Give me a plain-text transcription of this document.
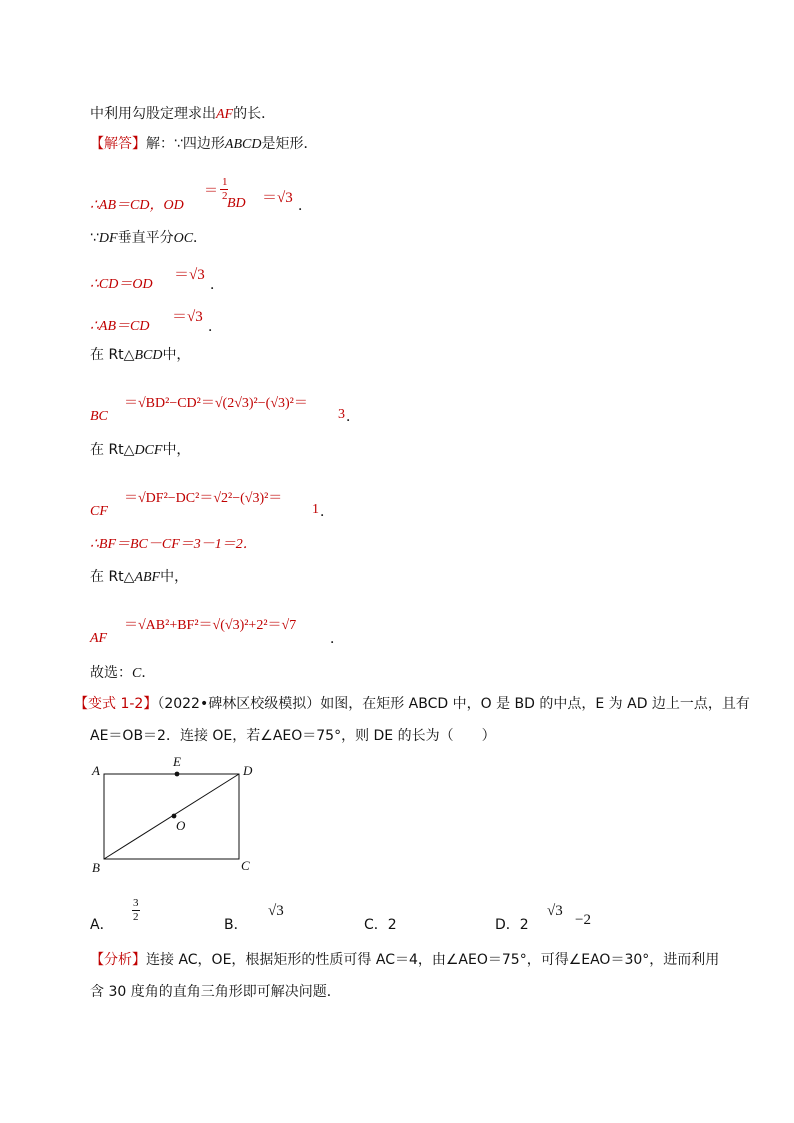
中利用勾股定理求出AF的长．
【解答】解：∵四边形ABCD是矩形．
∴AB＝CD，OD
＝
1
2 BD ＝√3 ．
∵DF垂直平分OC．
∴CD＝OD
＝√3
．
∴AB＝CD
＝√3
．
在 Rt△BCD中，
BC
＝√BD²−CD²＝√(2√3)²−(√3)²＝
3 ．
在 Rt△DCF中，
CF
＝√DF²−DC²＝√2²−(√3)²＝
1 ．
∴BF＝BC－CF＝3－1＝2．
在 Rt△ABF中，
AF
＝√AB²+BF²＝√(√3)²+2²＝√7
．
故选：C．
【变式 1-2】（2022•碑林区校级模拟）如图，在矩形 ABCD 中，O 是 BD 的中点，E 为 AD 边上一点，且有
AE＝OB＝2．连接 OE，若∠AEO＝75°，则 DE 的长为（　　）
A
E
D
O
B	C
A．
3
2	B．
√3
C．2	D．2
√3
−2
【分析】连接 AC，OE，根据矩形的性质可得 AC＝4，由∠AEO＝75°，可得∠EAO＝30°，进而利用
含 30 度角的直角三角形即可解决问题．
